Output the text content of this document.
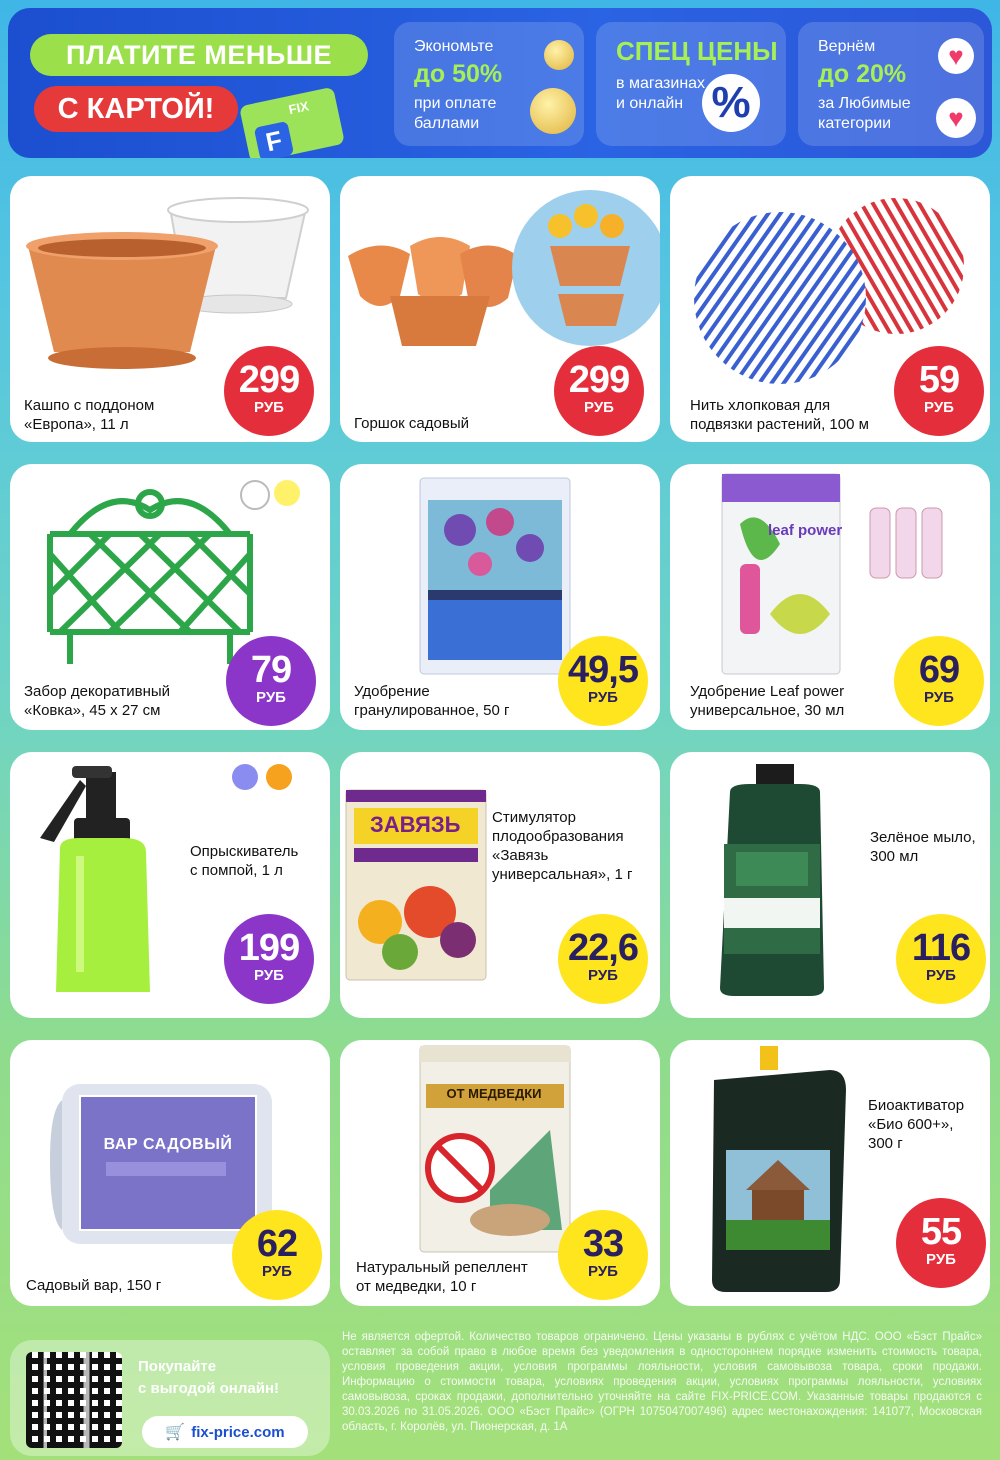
ПЛАТИТЕ МЕНЬШЕ
С КАРТОЙ!	FIX
F
Экономьте
до 50%
при оплате
баллами
СПЕЦ ЦЕНЫ
в магазинах
и онлайн %
Вернём
до 20%
за Любимые
категории
♥
♥
Кашпо с поддоном
«Европа», 11 л
299
РУБ
Горшок садовый
299
РУБ	Нить хлопковая для
подвязки растений, 100 м
59
РУБ
Забор декоративный
«Ковка», 45 x 27 см
79
РУБ	Удобрение
гранулированное, 50 г
49,5
РУБ
leaf power
Удобрение Leaf power
универсальное, 30 мл
69
РУБ
Опрыскиватель
с помпой, 1 л
199
РУБ
ЗАВЯЗЬ Стимулятор
плодообразования
«Завязь
универсальная», 1 г
22,6
РУБ
Зелёное мыло,
300 мл
116
РУБ
ВАР САДОВЫЙ
Садовый вар, 150 г
62
РУБ
ОТ МЕДВЕДКИ
Натуральный репеллент
от медведки, 10 г
33
РУБ
Биоактиватор
«Био 600+»,
300 г
55
РУБ
Покупайте
с выгодой онлайн!
🛒 fix-price.com
Не является офертой. Количество товаров ограничено. Цены указаны в рублях с учётом НДС. ООО «Бэст Прайс» оставляет за собой право в любое время без уведомления в одностороннем порядке изменить стоимость товара, условия проведения акции, условия программы лояльности, условия самовывоза товара, сроки продажи. Информацию о стоимости товара, условиях проведения акции, условиях программы лояльности, условиях самовывоза, сроках продажи, дополнительно уточняйте на сайте FIX-PRICE.COM. Указанные товары продаются с 30.03.2026 по 31.05.2026. ООО «Бэст Прайс» (ОГРН 1075047007496) адрес местонахождения: 141077, Московская область, г. Королёв, ул. Пионерская, д. 1А
